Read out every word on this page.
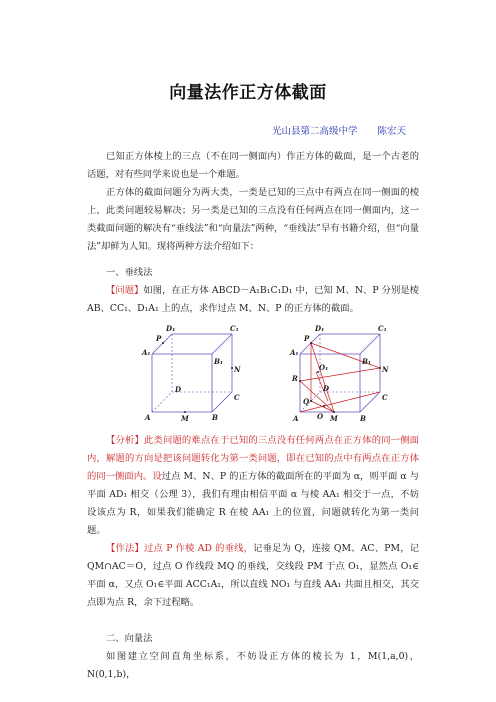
向量法作正方体截面
光山县第二高级中学 陈宏天

已知正方体棱上的三点（不在同一侧面内）作正方体的截面，是一个古老的话题，对有些同学来说也是一个难题。

正方体的截面问题分为两大类，一类是已知的三点中有两点在同一侧面的棱上，此类问题较易解决；另一类是已知的三点没有任何两点在同一侧面内，这一类截面问题的解决有“垂线法”和“向量法”两种，“垂线法”早有书籍介绍，但“向量法”却鲜为人知。现将两种方法介绍如下：

一、垂线法

【问题】如图，在正方体 ABCD－A₁B₁C₁D₁ 中，已知 M、N、P 分别是棱 AB、CC₁、D₁A₁ 上的点，求作过点 M、N、P 的正方体的截面。

D₁	C₁
P
A₁
B₁
N
D
C
A	M	B
D₁	C₁
P
A₁
O₁
B₁
R
N
D
Q	C
A	O M	B

【分析】此类问题的难点在于已知的三点没有任何两点在正方体的同一侧面内，解题的方向是把该问题转化为第一类问题，即在已知的点中有两点在正方体的同一侧面内。设过点 M、N、P 的正方体的截面所在的平面为 α，则平面 α 与平面 AD₁ 相交（公理 3），我们有理由相信平面 α 与棱 AA₁ 相交于一点，不妨设该点为 R，如果我们能确定 R 在棱 AA₁ 上的位置，问题就转化为第一类问题。

【作法】过点 P 作棱 AD 的垂线，记垂足为 Q，连接 QM、AC、PM，记 QM∩AC＝O，过点 O 作线段 MQ 的垂线，交线段 PM 于点 O₁，显然点 O₁∈平面 α，又点 O₁∈平面 ACC₁A₁，所以直线 NO₁ 与直线 AA₁ 共面且相交，其交点即为点 R，余下过程略。

二、向量法

如图建立空间直角坐标系，不妨设正方体的棱长为 1，M(1,a,0)，N(0,1,b)，
